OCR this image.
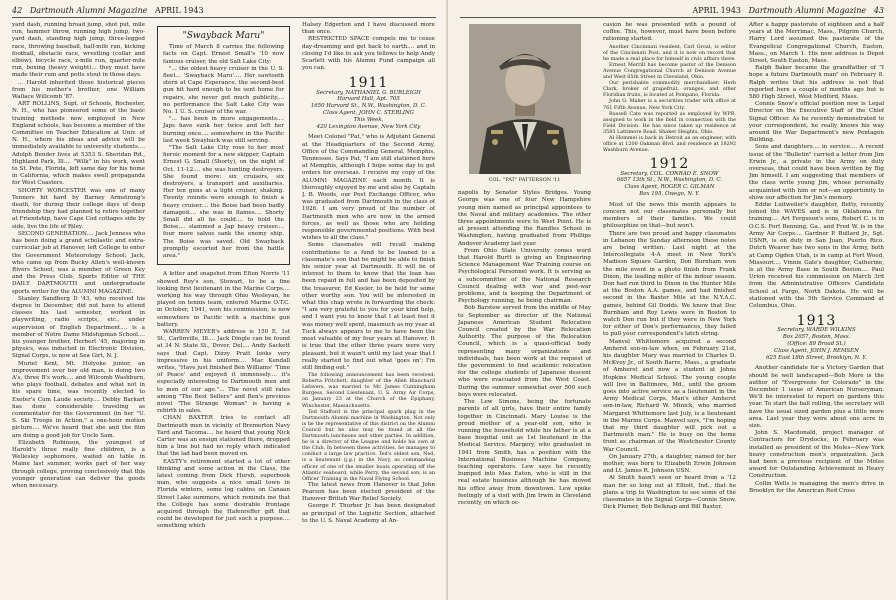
42 Dartmouth Alumni Magazine APRIL 1943

yard dash, running broad jump, shot put, mile run, hammer throw, running high jump, two-yard dash, standing high jump, three-legged race, throwing baseball, half-mile run, kicking football, obstacle race, wrestling (collar and elbow), bicycle race, z-mile run, quarter-mile run, boxing (heavy weight)... they must have made their rum and potts stout in those days.

... Harold inherited those historical pieces from his mother's brother, one William Wallace Willcomb '87.

ART ROLLINS, Supt. of Schools, Rochester, N. H., who has pioneered some of the basic training methods now employed in New England schools, has become a member of the Committee on Teacher Education at Univ. of N. H., where his ideas and advice will be immediately available to university students.... Adolph Bender lives at 5353 S. Sheridan Rd., Highland Park, Ill.... "Wilk" in his work, went to St. Pete, Florida, left same day for his home in California, which makes swell propaganda for West Coasters.

SHORTY WORCESTER was one of many Tenners hit hard by Barney Armstrong's death, for during their college days of deep friendship they had planned to retire together at Friendship, have Cape Cod cottages side by side, live the life of Riley.

SECOND GENERATION.... Jack Jenness who has been doing a grand scholastic and extra-curricular job at Hanover, left College to enter the Government Meteorology School; Jack, who came up from Bucky Allen's well-known Rivers School, was a member of Green Key and the Press Club, Sports Editor of THE DAILY DARTMOUTH and undergraduate sports writer for the ALUMNI MAGAZINE.

Stanley Sandberg D '43, who received his degree in December, did not have to attend classes his last semester, worked in playwriting, radio scripts, etc., under supervision of English Department.... is a member of Notre Dame Midshipman School.... his younger brother, Herbert '45, majoring in physics, was inducted in Electronic Division, Signal Corps, is now at Sea Girt, N. J.

Muriel Kent, Mt. Holyoke junior, an improvement over her old man, is doing two A's, three B's work.... and Wilcomb Washburn, who plays football, debates and what not in his spare time, was recently elected to Exeter's Cum Laude society.... Debby Barkart has done considerable traveling as commentator for the Government (in her "U. S. Ski Troops in Action," a one-hour motion picture.... We've heard that she and the film are doing a good job for Uncle Sam.

Elizabeth Robinson, the youngest of Harold's three really fine children, is a Wellesley sophomore, waited on table in Maine last summer, works part of her way through college, proving conclusively that this younger generation can deliver the goods when necessary.

"Swayback Maru"

Time of March 8 carries the following facts on Capt. Ernest Small's '10 now famous cruiser, the old Salt Lake City:

"... the oldest heavy cruiser in the U. S. fleet... 'Swayback Maru'.... Her sawtooth stern at Cape Esperance, the second-best gun hit hard enough to be sent home for repairs, she never got much publicity.... no performance the Salt Lake City was No. 1 U. S. cruiser of the war.

"... has been in more engagements.... Japs have sunk her twice and left her burning once.... somewhere in the Pacific last week Swayback was still serving.

"The Salt Lake City rose to her most heroic moment for a new skipper, Captain Ernest G. Small (Shorty), on the night of Oct. 11-12.... she was hunting destroyers. She found more: six cruisers, six destroyers, a transport and auxiliaries. Her ten guns at a light cruiser, shaking. Twenty rounds were enough to finish a heavy cruiser.... the Boise had been badly damaged.... she was in flames.... Shorty Small did all he could.... to hold the Boise.... slammed a Jap heavy cruiser.... four more salvos sank the enemy ship. The Boise was saved. Old Swayback promptly escorted her from the battle area."

A letter and snapshot from Elton Norris '11 showed Roy's son, Stewart, to be a fine looking first lieutenant in the Marine Corps.... working his way through Ohio Wesleyan, he played on tennis team, entered Marine O.T.C. in October, 1941, won his commission, is now somewhere in Pacific with a machine gun battery.

WARREN MEYER's address is 150 E. 1st St., Carlinville, Ill.... Jack Dingle can be found at 34 N. State St., Dover, Del.... Andy Sackett says that Capt. Dizzy Pratt looks very impressive in his uniform.... Mac Kendall writes, "Have just finished Ben Williams' 'Time of Peace' and enjoyed it immensely.... it's especially interesting to Dartmouth men and to men of our age."... The novel still rates among "The Best Sellers" and Ben's previous novel "The Strange Woman" is having a rebirth in sales.

CHAN BAXTER tries to contact all Dartmouth men in vicinity of Bremerton Navy Yard and Tacoma.... he heard that young Nick Carter was an ensign stationed there, dropped him a line but had no reply which indicated that the lad had been moved on.

EASTY's retirement started a lot of other thinking and some action in the Class, the latest coming from Dick Hursh, superbook man, who suggests a nice small town in Florida winters, some log cabins on Canaan Street Lake summers, which reminds me that the College has some desirable frontage acquired through the Hafenreffer gift that could be developed for just such a purpose.... something which

Halsey Edgerton and I have discussed more than once.

RESTRICTED SPACE compels me to cease day-dreaming and get back to earth.... and in closing I'd like to ask you fellows to help Andy Scarlett with his Alumni Fund campaign all you can.

1911
Secretary, NATHANIEL G. BURLEIGH
Harvard Hall, Apt. 705
1650 Harvard St., N.W., Washington, D. C.
Class Agent, JOHN C. STERLING
This Week,
420 Lexington Avenue, New York City

Meet Colonel "Pat," who is Adjutant General at the Headquarters of the Second Army, Office of the Commanding General, Memphis, Tennessee. Says Pat, "I am still stationed here at Memphis, although I hope some day to get orders for overseas. I receive my copy of the ALUMNI MAGAZINE each month. It is thoroughly enjoyed by me and also by Captain J. B. Woods, our Post Exchange Officer, who was graduated from Dartmouth in the class of 1926. I am very proud of the number of Dartmouth men who are now in the armed forces, as well as those who are holding responsible governmental positions. With best wishes to all the class."

Some classmates will recall making contributions to a fund to be loaned to a classmate's son that he might be able to finish his senior year at Dartmouth. It will be of interest to them to know that the loan has been repaid in full and has been deposited by the treasurer, Ed Keeler, to be held for some other worthy son. You will be interested in what this chap wrote in forwarding the check: "I am very grateful to you for your kind help, and I want you to know that I at least feel it was money well spent, inasmuch as my year at Tuck always appears to me to have been the most valuable of my four years at Hanover. It is true that the other three years were very pleasant, but it wasn't until my last year that I really started to find out what 'goes on'; I'm still finding out."

The following announcement has been received: Roberta Pritchett, daughter of the Allen Blanchard Lefavers, was married to Mr. James Cunningham Burgess, Second Lieutenant, U. S. Army Air Corps, on January 23 at the Church of the Epiphany, Winchester, Massachusetts.

Ted Stafford is the principal spark plug in the Dartmouth Alumni machine in Washington. Not only is he the representative of this district on the Alumni Council but he also may be found at all the Dartmouth luncheons and other parties. In addition, he is a director of the League and holds his own at the Club. In between these activities, he manages to conduct a large law practice. Ted's oldest son, Ned, is a lieutenant (j.g.) in the Navy, as commanding officer of one of the smaller boats operating off the Atlantic seaboard, while Perry, the second son, is an Officer Training in the Naval Flying School.

The latest news from Hanover is that John Pearson has been elected president of the Hanover British War Relief Society.

George F. Thurber Jr. has been designated as principal of the Logistic Section, attached to the U. S. Naval Academy at An-

APRIL 1943 Dartmouth Alumni Magazine 43
COL. "PAT" PATTERSON '11

napolis by Senator Styles Bridges. Young George was one of four New Hampshire young men named as principal appointees to the Naval and military academies. The other three appointments were to West Point. He is at present attending the Randles School in Washington, having graduated from Phillips Andover Academy last year.

From Ohio State University comes word that Harold Burtt is giving an Engineering Science Management War Training course on Psychological Personnel work. It is serving as a subcommittee of the National Research Council dealing with war and post-war problems, and is keeping the Department of Psychology running, he being chairman.

Bob Barstow served from the middle of May to September as director of the National Japanese American Student Relocation Council created by the War Relocation Authority. The purpose of the Relocation Council, which is a quasi-official body representing many organizations and individuals, has been work at the request of the government to find academic relocation for the college students of Japanese descent who were evacuated from the West Coast. During the summer somewhat over 500 such boys were relocated.

The Lew Simons, being the fortunate parents of all girls, have their entire family together in Cincinnati. Mary Louise is the proud mother of a year-old son, who is running the household while his father is at a base hospital unit as 1st lieutenant in the Medical Service. Margery, who graduated in 1941 from Smith, has a position with the International Business Machine Company, teaching operators. Lew says he recently bumped into Max Eaton, who is still in the real estate business although he has moved his office away from downtown. Lew spoke feelingly of a visit with Jim Irwin in Cleveland recently, on which oc-

casion he was presented with a pound of coffee. This, however, must have been before rationing started.

Another Cincinnati resident, Carl Groat, is editor of the Cincinnati Post, and it is now on record that he made a real place for himself in civic affairs there.

Ernest Merrill has become pastor of the Denison Avenue Congregational Church at Denison Avenue and West 65th Street in Cleveland, Ohio.

Our perishable commodity merchandiser, Herb Clark, broker of grapefruit, oranges, and other Floridian fruits, is located at Pompano, Florida.

John G. Maher is a securities trader with office at 761 Fifth Avenue, New York City.

Russell Cate was reported as employed by WPB, assigned to work in the field in connection with the Field Division. He has since taken up residence at 3585 Lattimore Road, Shaker Heights, Ohio.

Al Hommel is back in Detroit as an engineer, with office at 1200 Oakman Blvd. and residence at 18292 Washburn Avenue.

1912
Secretary, COL. CONRAD E. SNOW
6657 13th St., N.W., Washington, D. C.
Class Agent, ROGER C. GILMAN
Box 195, Owego, N. Y.

Most of the news this month appears to concern not our classmates personally but members of their families. We could philosophize on that—but won't.

There are two proud and happy classmates in Lebanon the Sunday afternoon these notes are being written. Last night at the Intercollegiate 4-A meet in New York's Madison Square Garden, Don Burnham won the mile event in a photo finish from Frank Dixon, the leading miler of the indoor season. Don had run third to Dixon in the Hunter Mile at the Boston A.A. games, and had finished second in the Baxter Mile at the N.Y.A.C. games, behind Gil Dodds. We know that Doc Burnham and Roy Lewis were in Boston to watch Don run but if they were in New York for either of Don's performances, they failed to pull your correspondent's latch string.

Manvel Whittemore acquired a second Amherst son-in-law when, on February 21st, his daughter Mary was married to Charles D. McKvoy Jr., of South Barre, Mass., a graduate of Amherst and now a student at Johns Hopkins Medical School. The young couple will live in Baltimore, Md., until the groom goes into active service as a lieutenant in the Army Medical Corps. Man's other Amherst son-in-law, Richard W. Minick, who married Margaret Whittemore last July, is a lieutenant in the Marine Corps. Manvel says, "I'm hoping that my third daughter will pick out a Dartmouth man." He is busy on the home front as chairman of the Westchester County War Council.

On January 27th, a daughter, named for her mother, was born to Elizabeth Erwin Johnson and Lt. James R. Johnson USN.

Al Smith hasn't seen or heard from a '12 man for so long out at Elliott, Ind., that he plans a trip to Washington to see some of the classmates in the Signal Corps—Connie Snow, Dick Plumer, Bob Belknap and Bill Baxter.

After a happy pastorate of eighteen and a half years at the Merrimac, Mass., Pilgrim Church, Harry Lord assumed the pastorate of the Evangelical Congregational Church, Easton, Mass., on March 1. His new address is Depot Street, South Easton, Mass.

Ralph Baker became the grandfather of "I hope a future Dartmouth man" on February 8. Ralph writes that his address is not that reported here a couple of months ago but is 580 High Street, West Medford, Mass.

Connie Snow's official position now is Legal Director on the Executive Staff of the Chief Signal Officer. As he recently demonstrated to your correspondent, he really knows his way around the War Department's new Pentagon Building.

Sons and daughters.... in service.... A recent issue of the "Bulletin" carried a letter from Jim Erwin Jr., a private in the Army on duty overseas, that could have been written by Big Jim himself. I am suggesting that members of the class write young Jim, whose personally acquainted with him or not—an opportunity to show our affection for Jim's memory.

Eddie Luitweiler's daughter, Betty, recently joined the WAVES and is in Oklahoma for training.... Art Ferguson's sons, Robert C. is in O.C.S. Fort Benning, Ga., and Fred W. is in the Army Air Corps.... Gardner P. Bullard Jr., Sgt. USNR, is on duty in San Juan, Puerto Rico. Dutch Weaver has two sons in the Army, both at Camp Ogden Utah, is in camp at Fort Wood, Missouri.... Vinnie Gale's daughter, Catherine, is at the Army Base in South Boston.... Paul Urion received his commission on March 3rd from the Administrative Officers Candidate School at Fargo, North Dakota. He will be stationed with the 5th Service Command at Columbus, Ohio.

1913
Secretary, WARDE WILKINS
Box 2057, Boston, Mass.
(Office: 89 Broad St.)
Class Agent, JOHN J. REMSEN
625 East 18th Street, Brooklyn, N. Y.

Another candidate for a Victory Garden that should be well landscaped—Bob More is the author of "Evergreens for Colorado" in the December 1 issue of American Nurseryman. We'll be interested to report on gardens this year. To start the ball rolling, the secretary will have the usual sized garden plus a little more area. Last year they were about one acre in size.

John S. Macdonald, project manager of Contractors for Drydocks, in February was installed as president of the Moles—New York heavy construction men's organization. Jack had been a previous recipient of the Moles award for Outstanding Achievement in Heavy Construction.

Collin Wells is managing the men's drive in Brooklyn for the American Red Cross
